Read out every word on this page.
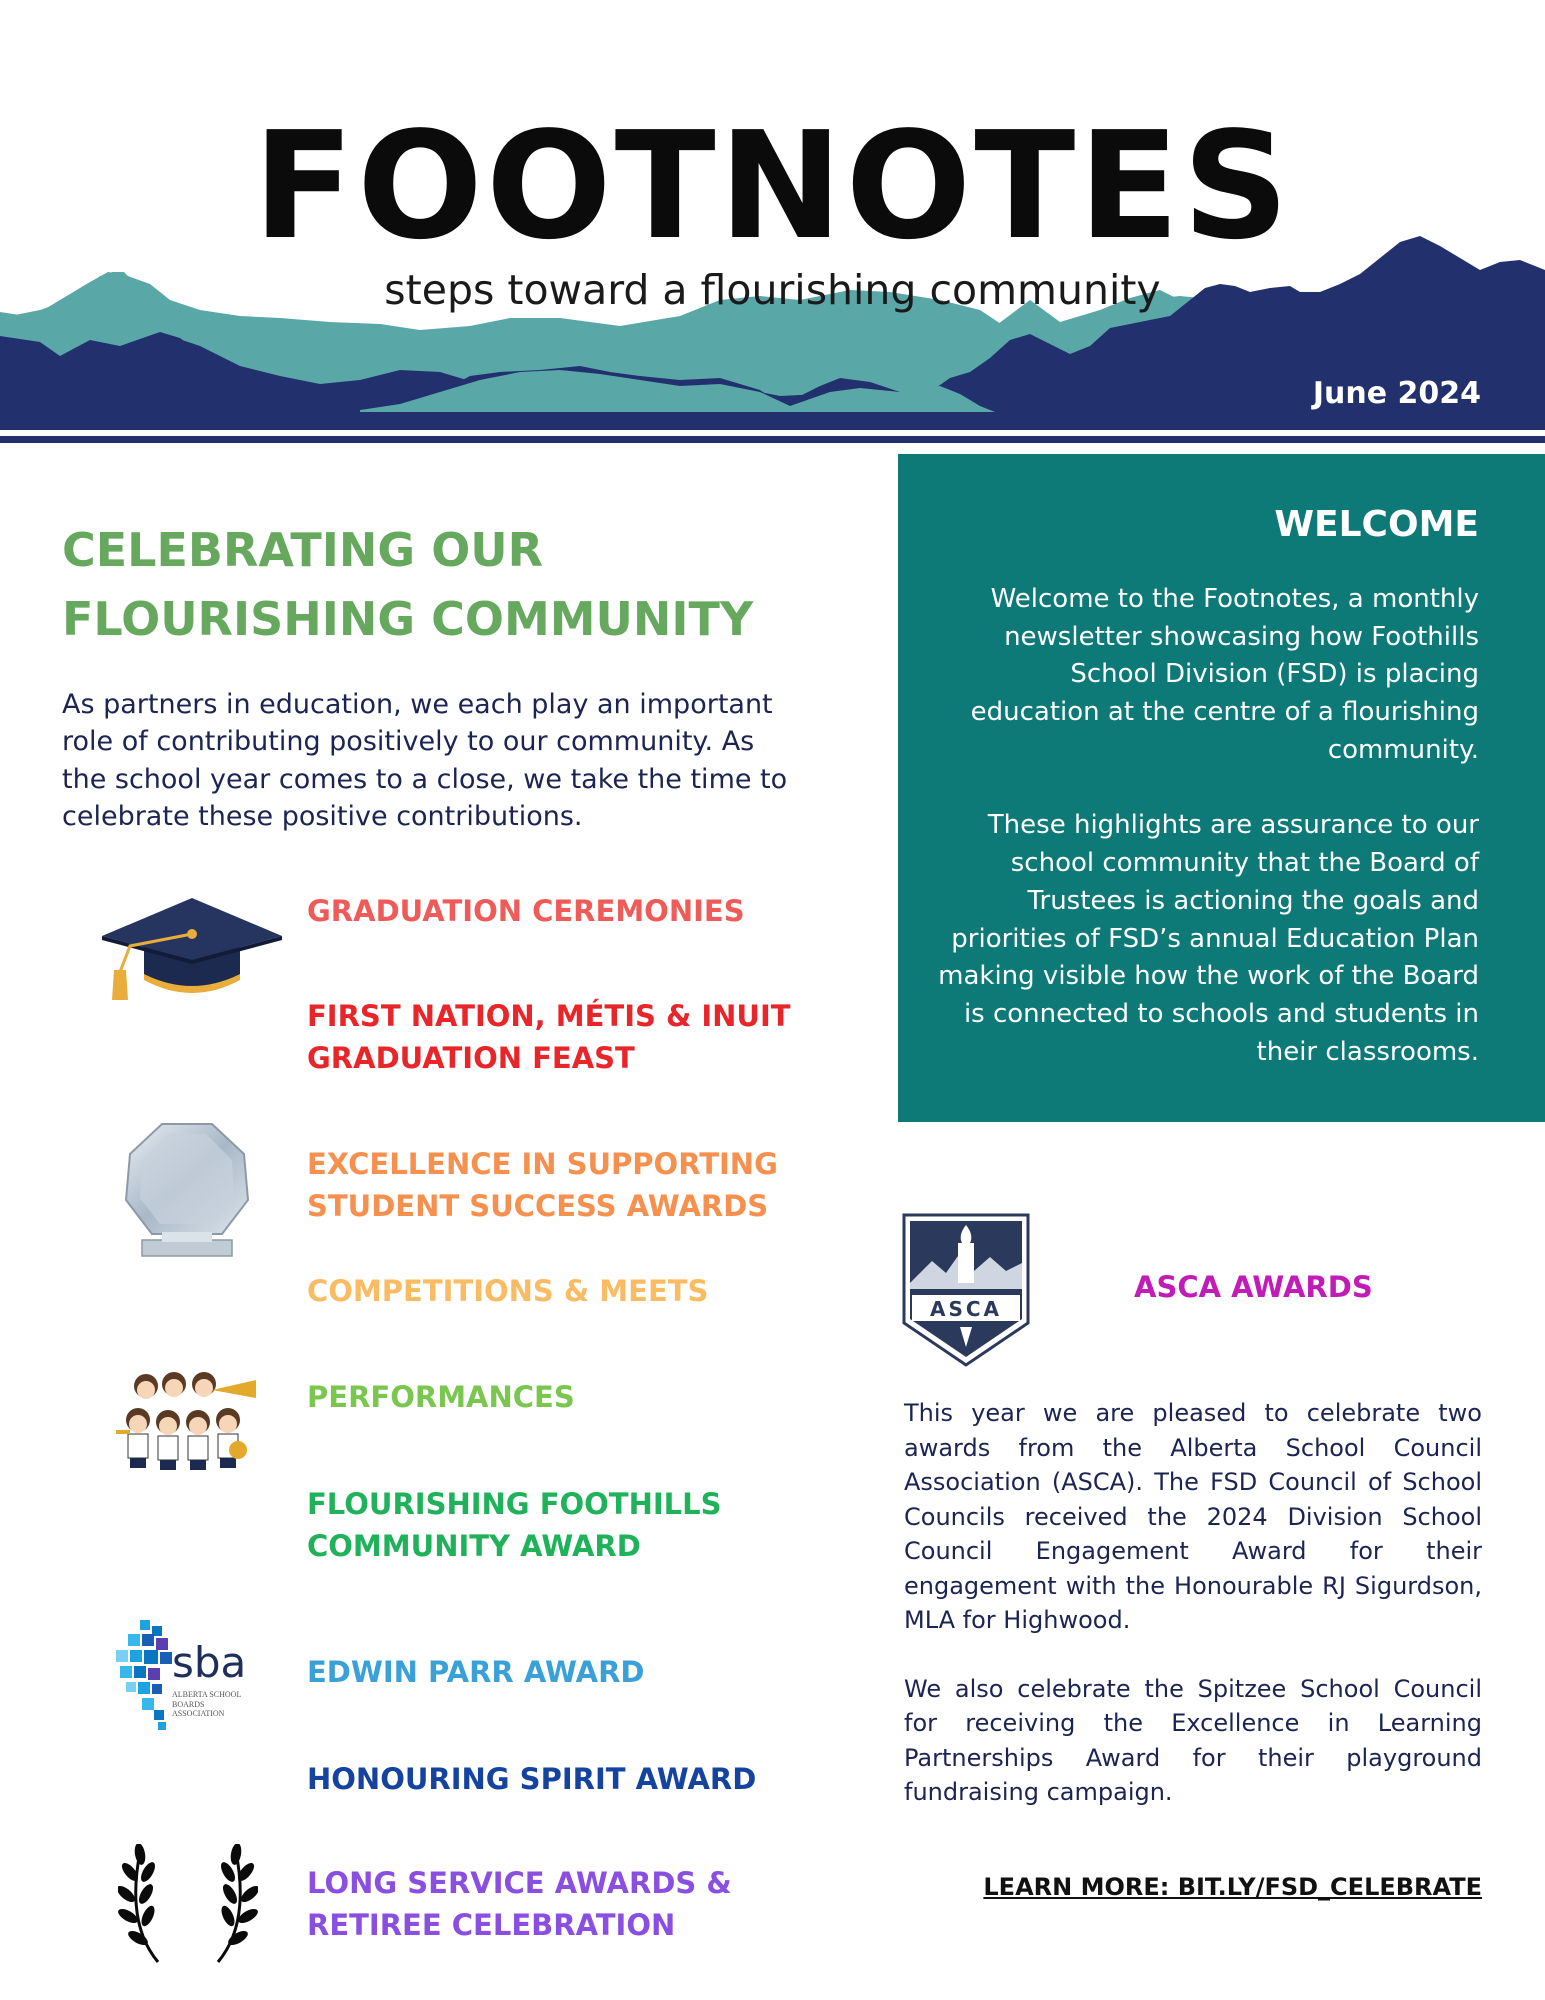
FOOTNOTES
steps toward a flourishing community
June 2024
CELEBRATING OUR
FLOURISHING COMMUNITY

As partners in education, we each play an important role of contributing positively to our community. As the school year comes to a close, we take the time to celebrate these positive contributions.

GRADUATION CEREMONIES
FIRST NATION, MÉTIS & INUIT
GRADUATION FEAST
EXCELLENCE IN SUPPORTING
STUDENT SUCCESS AWARDS
COMPETITIONS & MEETS
PERFORMANCES
FLOURISHING FOOTHILLS
COMMUNITY AWARD
sba
ALBERTA SCHOOL BOARDS ASSOCIATION
EDWIN PARR AWARD
HONOURING SPIRIT AWARD
LONG SERVICE AWARDS &
RETIREE CELEBRATION
WELCOME

Welcome to the Footnotes, a monthly newsletter showcasing how Foothills School Division (FSD) is placing education at the centre of a flourishing community.

These highlights are assurance to our school community that the Board of Trustees is actioning the goals and priorities of FSD’s annual Education Plan making visible how the work of the Board is connected to schools and students in their classrooms.

ASCA
ASCA AWARDS

This year we are pleased to celebrate two awards from the Alberta School Council Association (ASCA). The FSD Council of School Councils received the 2024 Division School Council Engagement Award for their engagement with the Honourable RJ Sigurdson, MLA for Highwood.

We also celebrate the Spitzee School Council for receiving the Excellence in Learning Partnerships Award for their playground fundraising campaign.

LEARN MORE: BIT.LY/FSD_CELEBRATE
